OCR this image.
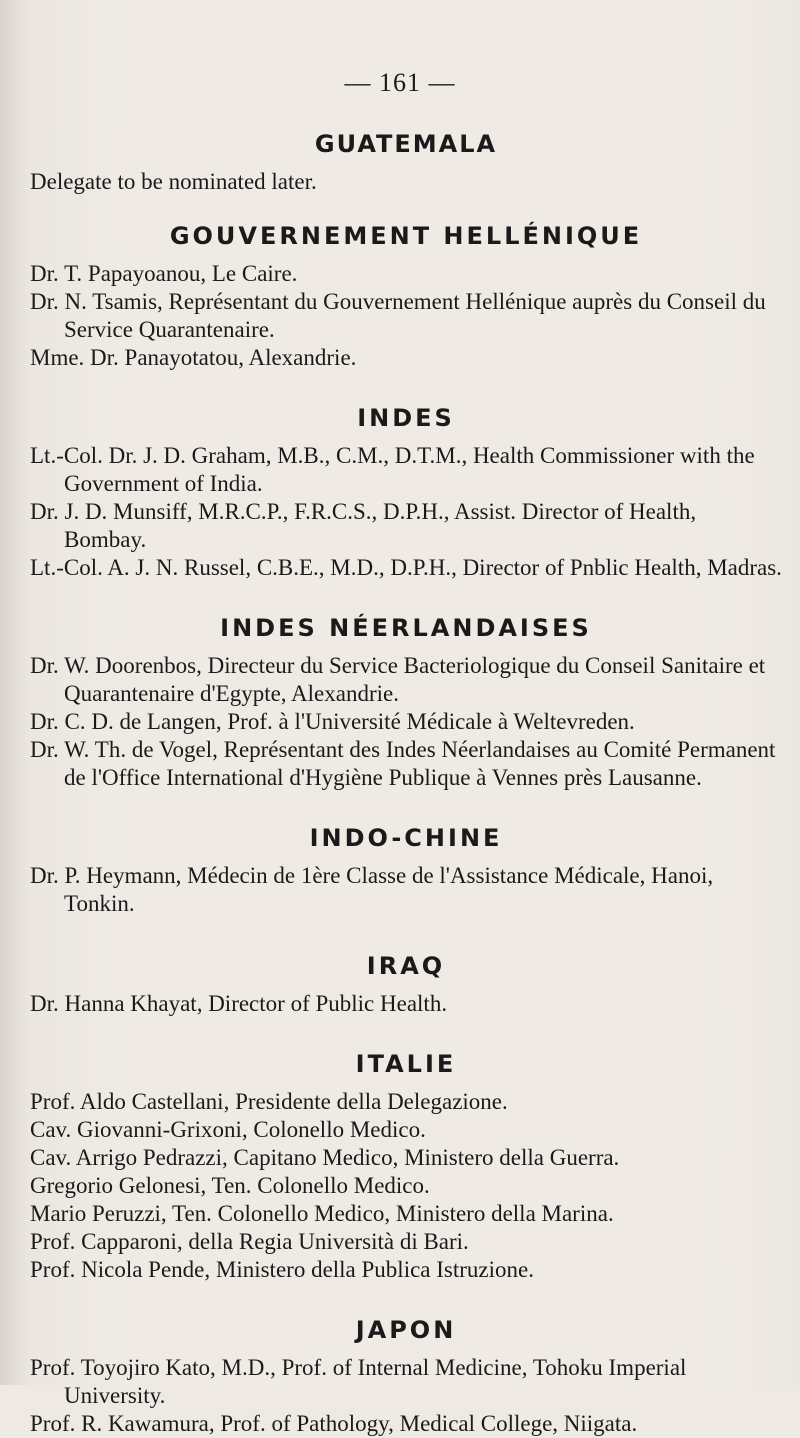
— 161 —
GUATEMALA

Delegate to be nominated later.

GOUVERNEMENT HELLÉNIQUE

Dr. T. Papayoanou, Le Caire.

Dr. N. Tsamis, Représentant du Gouvernement Hellénique auprès du Conseil du Service Quarantenaire.

Mme. Dr. Panayotatou, Alexandrie.

INDES

Lt.-Col. Dr. J. D. Graham, M.B., C.M., D.T.M., Health Commissioner with the Government of India.

Dr. J. D. Munsiff, M.R.C.P., F.R.C.S., D.P.H., Assist. Director of Health, Bombay.

Lt.-Col. A. J. N. Russel, C.B.E., M.D., D.P.H., Director of Pnblic Health, Madras.

INDES NÉERLANDAISES

Dr. W. Doorenbos, Directeur du Service Bacteriologique du Conseil Sanitaire et Quarantenaire d'Egypte, Alexandrie.

Dr. C. D. de Langen, Prof. à l'Université Médicale à Weltevreden.

Dr. W. Th. de Vogel, Représentant des Indes Néerlandaises au Comité Permanent de l'Office International d'Hygiène Publique à Vennes près Lausanne.

INDO-CHINE

Dr. P. Heymann, Médecin de 1ère Classe de l'Assistance Médicale, Hanoi, Tonkin.

IRAQ

Dr. Hanna Khayat, Director of Public Health.

ITALIE

Prof. Aldo Castellani, Presidente della Delegazione.

Cav. Giovanni-Grixoni, Colonello Medico.

Cav. Arrigo Pedrazzi, Capitano Medico, Ministero della Guerra.

Gregorio Gelonesi, Ten. Colonello Medico.

Mario Peruzzi, Ten. Colonello Medico, Ministero della Marina.

Prof. Capparoni, della Regia Università di Bari.

Prof. Nicola Pende, Ministero della Publica Istruzione.

JAPON

Prof. Toyojiro Kato, M.D., Prof. of Internal Medicine, Tohoku Imperial University.

Prof. R. Kawamura, Prof. of Pathology, Medical College, Niigata.
